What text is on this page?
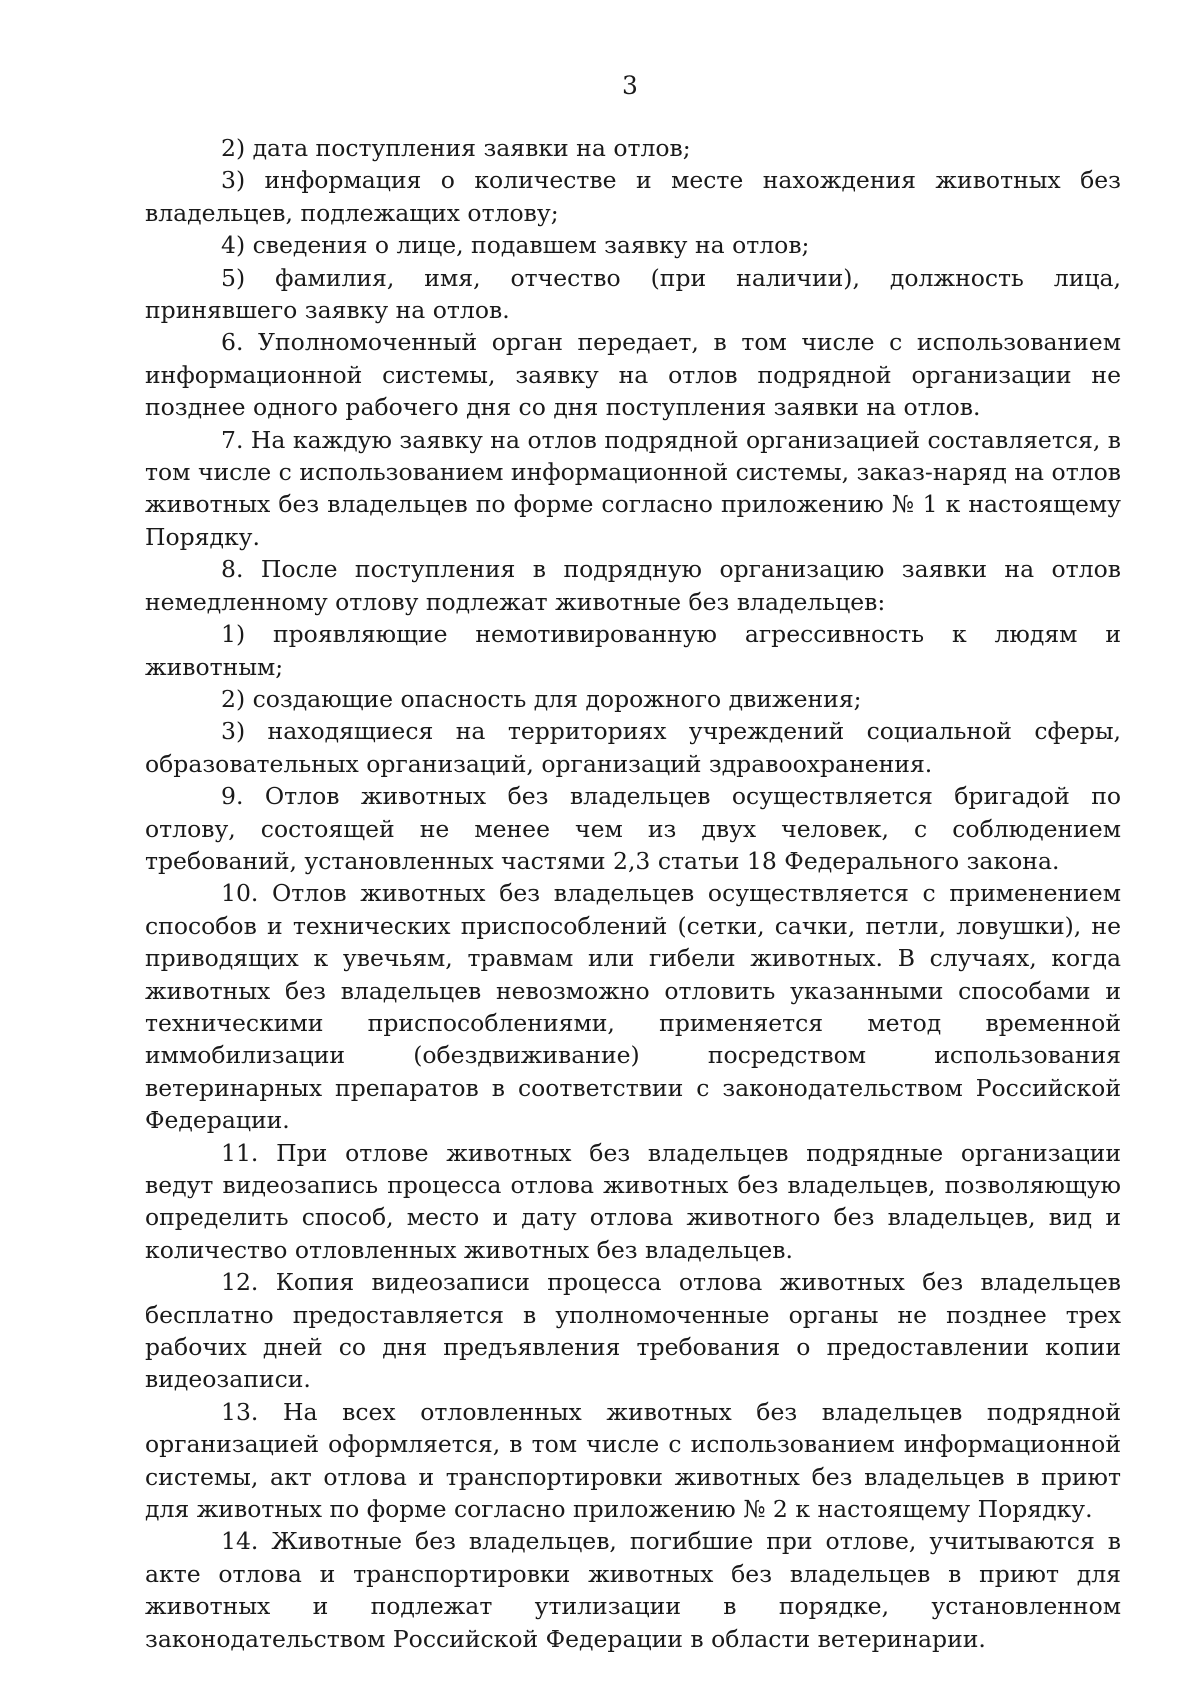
3

2) дата поступления заявки на отлов;

3) информация о количестве и месте нахождения животных без владельцев, подлежащих отлову;

4) сведения о лице, подавшем заявку на отлов;

5) фамилия, имя, отчество (при наличии), должность лица, принявшего заявку на отлов.

6. Уполномоченный орган передает, в том числе с использованием информационной системы, заявку на отлов подрядной организации не позднее одного рабочего дня со дня поступления заявки на отлов.

7. На каждую заявку на отлов подрядной организацией составляется, в том числе с использованием информационной системы, заказ-наряд на отлов животных без владельцев по форме согласно приложению № 1 к настоящему Порядку.

8. После поступления в подрядную организацию заявки на отлов немедленному отлову подлежат животные без владельцев:

1) проявляющие немотивированную агрессивность к людям и животным;

2) создающие опасность для дорожного движения;

3) находящиеся на территориях учреждений социальной сферы, образовательных организаций, организаций здравоохранения.

9. Отлов животных без владельцев осуществляется бригадой по отлову, состоящей не менее чем из двух человек, с соблюдением требований, установленных частями 2,3 статьи 18 Федерального закона.

10. Отлов животных без владельцев осуществляется с применением способов и технических приспособлений (сетки, сачки, петли, ловушки), не приводящих к увечьям, травмам или гибели животных. В случаях, когда животных без владельцев невозможно отловить указанными способами и техническими приспособлениями, применяется метод временной иммобилизации (обездвиживание) посредством использования ветеринарных препаратов в соответствии с законодательством Российской Федерации.

11. При отлове животных без владельцев подрядные организации ведут видеозапись процесса отлова животных без владельцев, позволяющую определить способ, место и дату отлова животного без владельцев, вид и количество отловленных животных без владельцев.

12. Копия видеозаписи процесса отлова животных без владельцев бесплатно предоставляется в уполномоченные органы не позднее трех рабочих дней со дня предъявления требования о предоставлении копии видеозаписи.

13. На всех отловленных животных без владельцев подрядной организацией оформляется, в том числе с использованием информационной системы, акт отлова и транспортировки животных без владельцев в приют для животных по форме согласно приложению № 2 к настоящему Порядку.

14. Животные без владельцев, погибшие при отлове, учитываются в акте отлова и транспортировки животных без владельцев в приют для животных и подлежат утилизации в порядке, установленном законодательством Российской Федерации в области ветеринарии.
